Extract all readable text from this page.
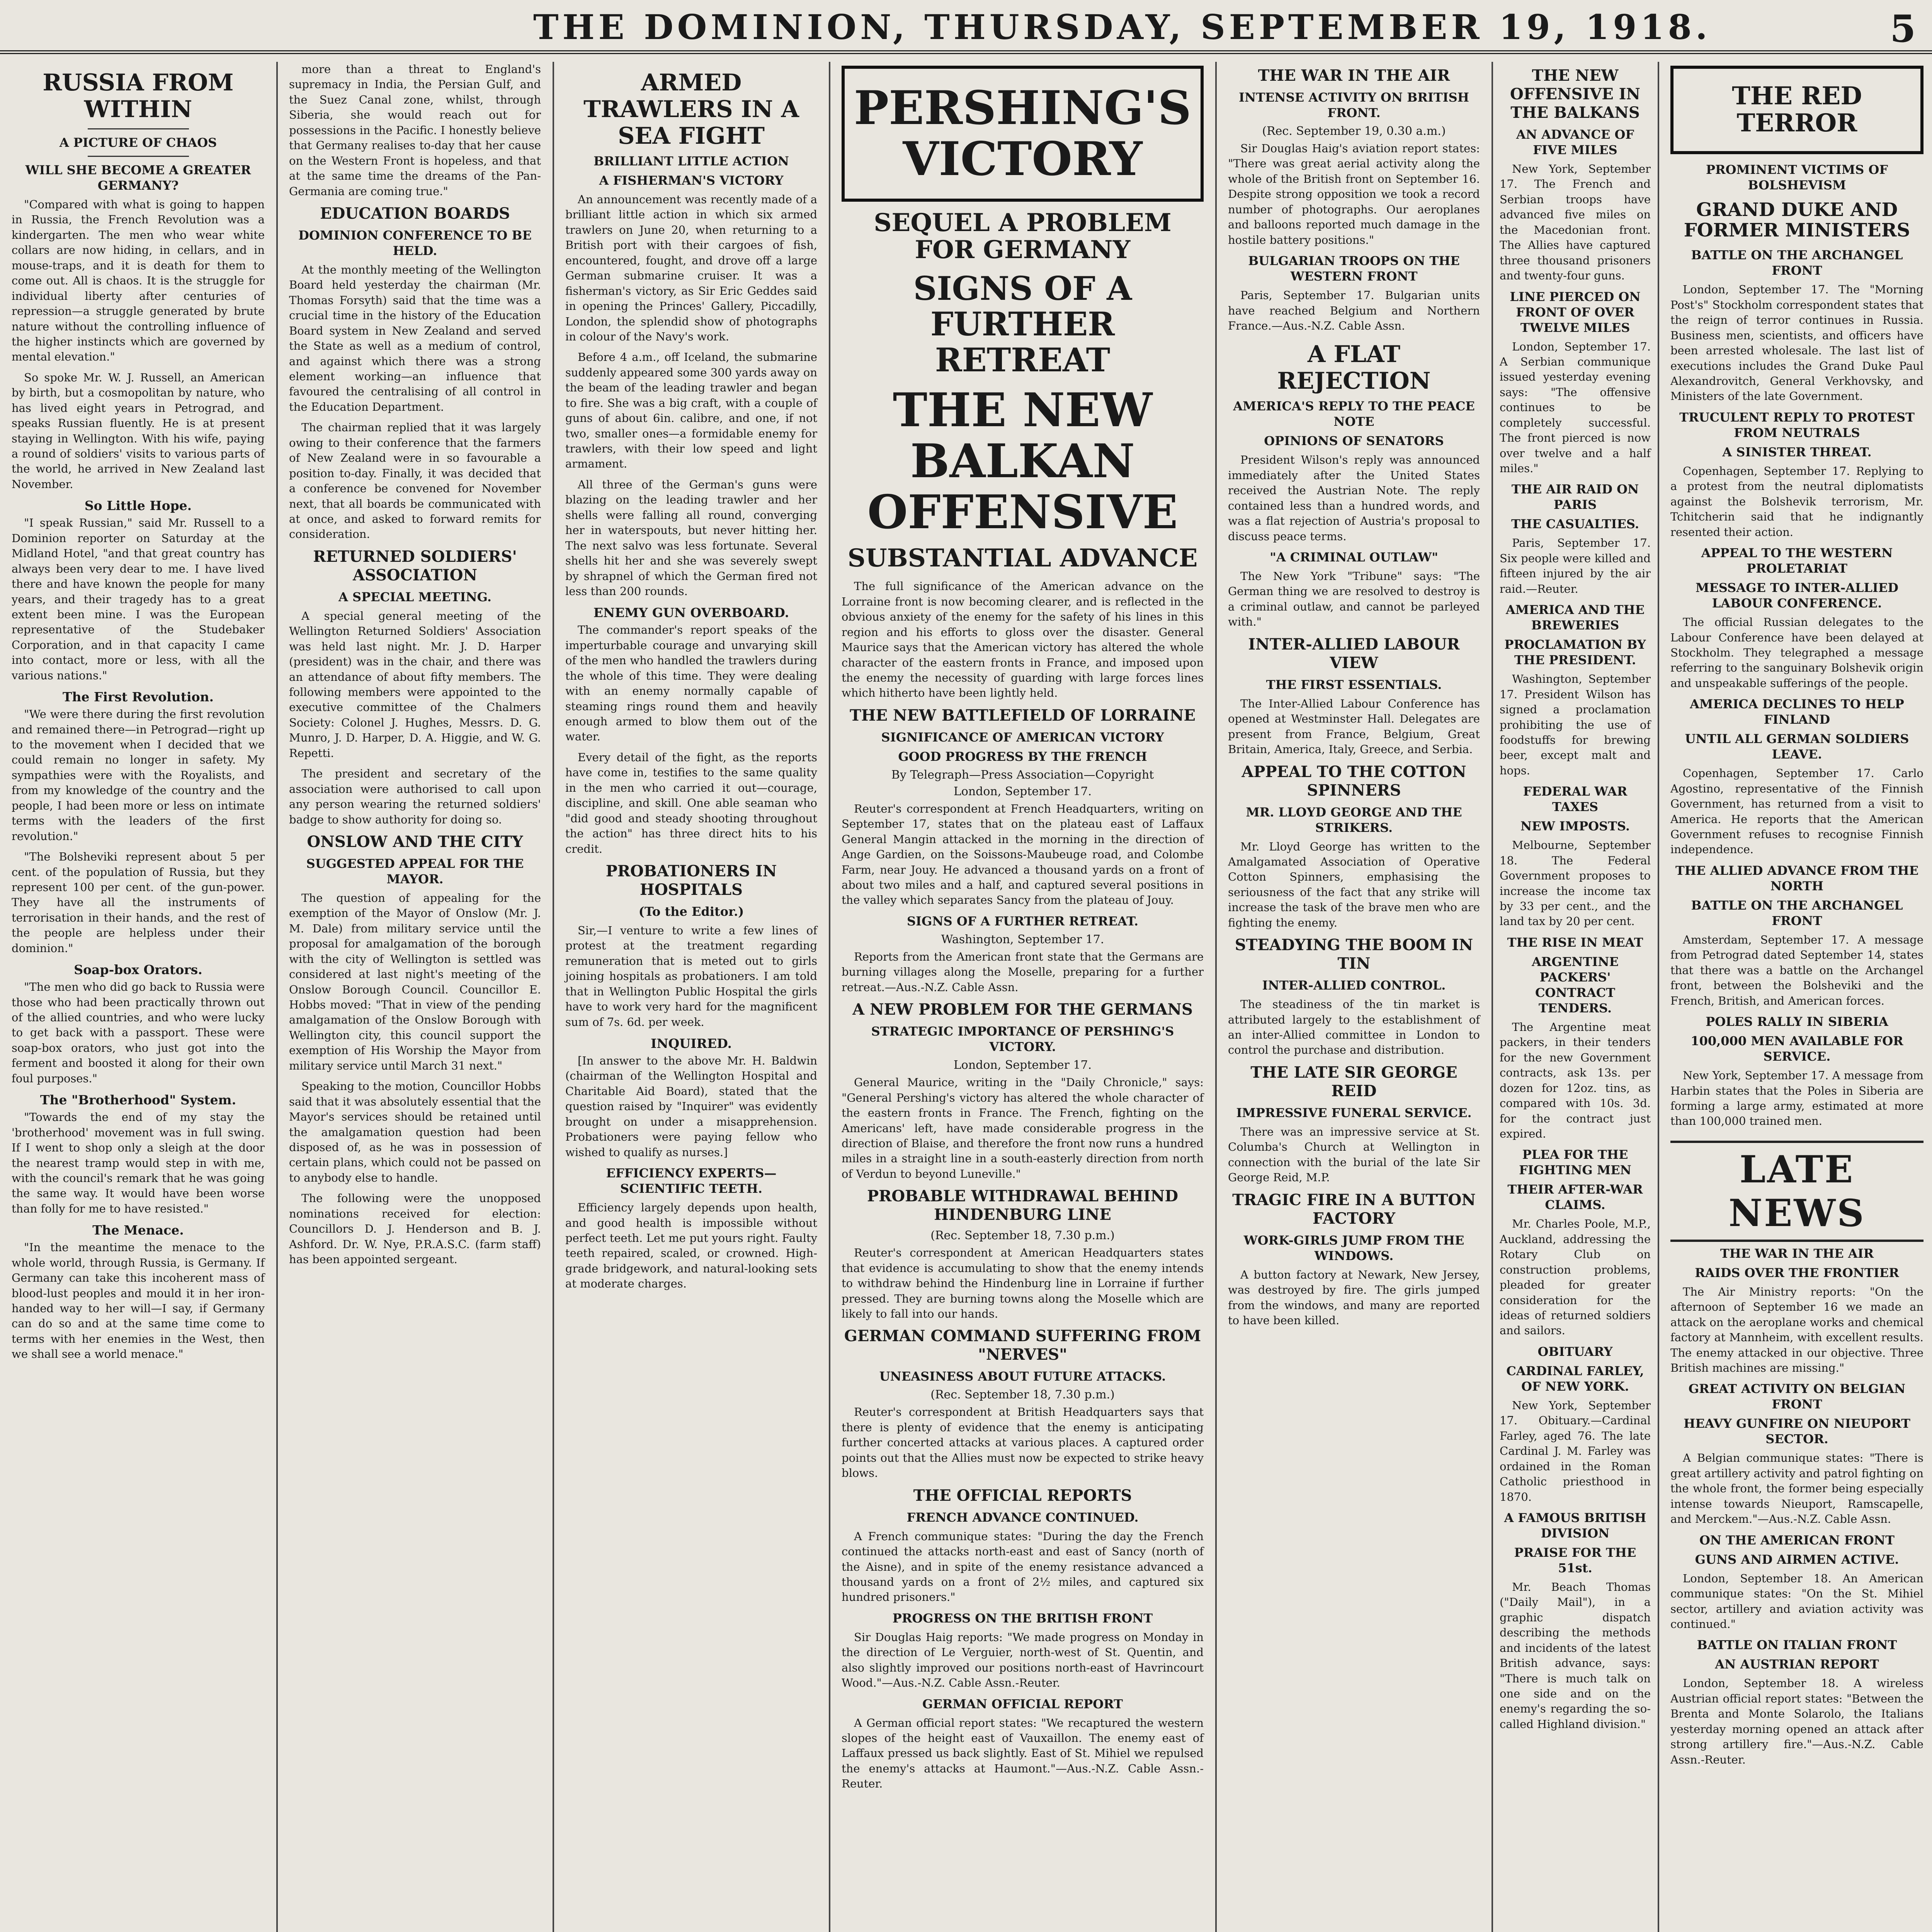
THE DOMINION, THURSDAY, SEPTEMBER 19, 1918.	5
RUSSIA FROM WITHIN
A PICTURE OF CHAOS
WILL SHE BECOME A GREATER GERMANY?

"Compared with what is going to happen in Russia, the French Revolution was a kindergarten. The men who wear white collars are now hiding, in cellars, and in mouse-traps, and it is death for them to come out. All is chaos. It is the struggle for individual liberty after centuries of repression—a struggle generated by brute nature without the controlling influence of the higher instincts which are governed by mental elevation."

So spoke Mr. W. J. Russell, an American by birth, but a cosmopolitan by nature, who has lived eight years in Petrograd, and speaks Russian fluently. He is at present staying in Wellington. With his wife, paying a round of soldiers' visits to various parts of the world, he arrived in New Zealand last November.

So Little Hope.

"I speak Russian," said Mr. Russell to a Dominion reporter on Saturday at the Midland Hotel, "and that great country has always been very dear to me. I have lived there and have known the people for many years, and their tragedy has to a great extent been mine. I was the European representative of the Studebaker Corporation, and in that capacity I came into contact, more or less, with all the various nations."

The First Revolution.

"We were there during the first revolution and remained there—in Petrograd—right up to the movement when I decided that we could remain no longer in safety. My sympathies were with the Royalists, and from my knowledge of the country and the people, I had been more or less on intimate terms with the leaders of the first revolution."

"The Bolsheviki represent about 5 per cent. of the population of Russia, but they represent 100 per cent. of the gun-power. They have all the instruments of terrorisation in their hands, and the rest of the people are helpless under their dominion."

Soap-box Orators.

"The men who did go back to Russia were those who had been practically thrown out of the allied countries, and who were lucky to get back with a passport. These were soap-box orators, who just got into the ferment and boosted it along for their own foul purposes."

The "Brotherhood" System.

"Towards the end of my stay the 'brotherhood' movement was in full swing. If I went to shop only a sleigh at the door the nearest tramp would step in with me, with the council's remark that he was going the same way. It would have been worse than folly for me to have resisted."

The Menace.

"In the meantime the menace to the whole world, through Russia, is Germany. If Germany can take this incoherent mass of blood-lust peoples and mould it in her iron-handed way to her will—I say, if Germany can do so and at the same time come to terms with her enemies in the West, then we shall see a world menace."

more than a threat to England's supremacy in India, the Persian Gulf, and the Suez Canal zone, whilst, through Siberia, she would reach out for possessions in the Pacific. I honestly believe that Germany realises to-day that her cause on the Western Front is hopeless, and that at the same time the dreams of the Pan-Germania are coming true."

EDUCATION BOARDS
DOMINION CONFERENCE TO BE HELD.

At the monthly meeting of the Wellington Board held yesterday the chairman (Mr. Thomas Forsyth) said that the time was a crucial time in the history of the Education Board system in New Zealand and served the State as well as a medium of control, and against which there was a strong element working—an influence that favoured the centralising of all control in the Education Department.

The chairman replied that it was largely owing to their conference that the farmers of New Zealand were in so favourable a position to-day. Finally, it was decided that a conference be convened for November next, that all boards be communicated with at once, and asked to forward remits for consideration.

RETURNED SOLDIERS' ASSOCIATION
A SPECIAL MEETING.

A special general meeting of the Wellington Returned Soldiers' Association was held last night. Mr. J. D. Harper (president) was in the chair, and there was an attendance of about fifty members. The following members were appointed to the executive committee of the Chalmers Society: Colonel J. Hughes, Messrs. D. G. Munro, J. D. Harper, D. A. Higgie, and W. G. Repetti.

The president and secretary of the association were authorised to call upon any person wearing the returned soldiers' badge to show authority for doing so.

ONSLOW AND THE CITY
SUGGESTED APPEAL FOR THE MAYOR.

The question of appealing for the exemption of the Mayor of Onslow (Mr. J. M. Dale) from military service until the proposal for amalgamation of the borough with the city of Wellington is settled was considered at last night's meeting of the Onslow Borough Council. Councillor E. Hobbs moved: "That in view of the pending amalgamation of the Onslow Borough with Wellington city, this council support the exemption of His Worship the Mayor from military service until March 31 next."

Speaking to the motion, Councillor Hobbs said that it was absolutely essential that the Mayor's services should be retained until the amalgamation question had been disposed of, as he was in possession of certain plans, which could not be passed on to anybody else to handle.

The following were the unopposed nominations received for election: Councillors D. J. Henderson and B. J. Ashford. Dr. W. Nye, P.R.A.S.C. (farm staff) has been appointed sergeant.

ARMED TRAWLERS IN A SEA FIGHT
BRILLIANT LITTLE ACTION
A FISHERMAN'S VICTORY

An announcement was recently made of a brilliant little action in which six armed trawlers on June 20, when returning to a British port with their cargoes of fish, encountered, fought, and drove off a large German submarine cruiser. It was a fisherman's victory, as Sir Eric Geddes said in opening the Princes' Gallery, Piccadilly, London, the splendid show of photographs in colour of the Navy's work.

Before 4 a.m., off Iceland, the submarine suddenly appeared some 300 yards away on the beam of the leading trawler and began to fire. She was a big craft, with a couple of guns of about 6in. calibre, and one, if not two, smaller ones—a formidable enemy for trawlers, with their low speed and light armament.

All three of the German's guns were blazing on the leading trawler and her shells were falling all round, converging her in waterspouts, but never hitting her. The next salvo was less fortunate. Several shells hit her and she was severely swept by shrapnel of which the German fired not less than 200 rounds.

ENEMY GUN OVERBOARD.

The commander's report speaks of the imperturbable courage and unvarying skill of the men who handled the trawlers during the whole of this time. They were dealing with an enemy normally capable of steaming rings round them and heavily enough armed to blow them out of the water.

Every detail of the fight, as the reports have come in, testifies to the same quality in the men who carried it out—courage, discipline, and skill. One able seaman who "did good and steady shooting throughout the action" has three direct hits to his credit.

PROBATIONERS IN HOSPITALS
(To the Editor.)

Sir,—I venture to write a few lines of protest at the treatment regarding remuneration that is meted out to girls joining hospitals as probationers. I am told that in Wellington Public Hospital the girls have to work very hard for the magnificent sum of 7s. 6d. per week.

INQUIRED.

[In answer to the above Mr. H. Baldwin (chairman of the Wellington Hospital and Charitable Aid Board), stated that the question raised by "Inquirer" was evidently brought on under a misapprehension. Probationers were paying fellow who wished to qualify as nurses.]

EFFICIENCY EXPERTS—SCIENTIFIC TEETH.

Efficiency largely depends upon health, and good health is impossible without perfect teeth. Let me put yours right. Faulty teeth repaired, scaled, or crowned. High-grade bridgework, and natural-looking sets at moderate charges.

PERSHING'S VICTORY
SEQUEL A PROBLEM FOR GERMANY
SIGNS OF A FURTHER RETREAT
THE NEW BALKAN OFFENSIVE
SUBSTANTIAL ADVANCE

The full significance of the American advance on the Lorraine front is now becoming clearer, and is reflected in the obvious anxiety of the enemy for the safety of his lines in this region and his efforts to gloss over the disaster. General Maurice says that the American victory has altered the whole character of the eastern fronts in France, and imposed upon the enemy the necessity of guarding with large forces lines which hitherto have been lightly held.

THE NEW BATTLEFIELD OF LORRAINE
SIGNIFICANCE OF AMERICAN VICTORY
GOOD PROGRESS BY THE FRENCH
By Telegraph—Press Association—Copyright
London, September 17.

Reuter's correspondent at French Headquarters, writing on September 17, states that on the plateau east of Laffaux General Mangin attacked in the morning in the direction of Ange Gardien, on the Soissons-Maubeuge road, and Colombe Farm, near Jouy. He advanced a thousand yards on a front of about two miles and a half, and captured several positions in the valley which separates Sancy from the plateau of Jouy.

SIGNS OF A FURTHER RETREAT.
Washington, September 17.

Reports from the American front state that the Germans are burning villages along the Moselle, preparing for a further retreat.—Aus.-N.Z. Cable Assn.

A NEW PROBLEM FOR THE GERMANS
STRATEGIC IMPORTANCE OF PERSHING'S VICTORY.
London, September 17.

General Maurice, writing in the "Daily Chronicle," says: "General Pershing's victory has altered the whole character of the eastern fronts in France. The French, fighting on the Americans' left, have made considerable progress in the direction of Blaise, and therefore the front now runs a hundred miles in a straight line in a south-easterly direction from north of Verdun to beyond Luneville."

PROBABLE WITHDRAWAL BEHIND HINDENBURG LINE
(Rec. September 18, 7.30 p.m.)

Reuter's correspondent at American Headquarters states that evidence is accumulating to show that the enemy intends to withdraw behind the Hindenburg line in Lorraine if further pressed. They are burning towns along the Moselle which are likely to fall into our hands.

GERMAN COMMAND SUFFERING FROM "NERVES"
UNEASINESS ABOUT FUTURE ATTACKS.
(Rec. September 18, 7.30 p.m.)

Reuter's correspondent at British Headquarters says that there is plenty of evidence that the enemy is anticipating further concerted attacks at various places. A captured order points out that the Allies must now be expected to strike heavy blows.

THE OFFICIAL REPORTS
FRENCH ADVANCE CONTINUED.

A French communique states: "During the day the French continued the attacks north-east and east of Sancy (north of the Aisne), and in spite of the enemy resistance advanced a thousand yards on a front of 2½ miles, and captured six hundred prisoners."

PROGRESS ON THE BRITISH FRONT

Sir Douglas Haig reports: "We made progress on Monday in the direction of Le Verguier, north-west of St. Quentin, and also slightly improved our positions north-east of Havrincourt Wood."—Aus.-N.Z. Cable Assn.-Reuter.

GERMAN OFFICIAL REPORT

A German official report states: "We recaptured the western slopes of the height east of Vauxaillon. The enemy east of Laffaux pressed us back slightly. East of St. Mihiel we repulsed the enemy's attacks at Haumont."—Aus.-N.Z. Cable Assn.-Reuter.

THE WAR IN THE AIR
INTENSE ACTIVITY ON BRITISH FRONT.
(Rec. September 19, 0.30 a.m.)

Sir Douglas Haig's aviation report states: "There was great aerial activity along the whole of the British front on September 16. Despite strong opposition we took a record number of photographs. Our aeroplanes and balloons reported much damage in the hostile battery positions."

BULGARIAN TROOPS ON THE WESTERN FRONT

Paris, September 17. Bulgarian units have reached Belgium and Northern France.—Aus.-N.Z. Cable Assn.

A FLAT REJECTION
AMERICA'S REPLY TO THE PEACE NOTE
OPINIONS OF SENATORS

President Wilson's reply was announced immediately after the United States received the Austrian Note. The reply contained less than a hundred words, and was a flat rejection of Austria's proposal to discuss peace terms.

"A CRIMINAL OUTLAW"

The New York "Tribune" says: "The German thing we are resolved to destroy is a criminal outlaw, and cannot be parleyed with."

INTER-ALLIED LABOUR VIEW
THE FIRST ESSENTIALS.

The Inter-Allied Labour Conference has opened at Westminster Hall. Delegates are present from France, Belgium, Great Britain, America, Italy, Greece, and Serbia.

APPEAL TO THE COTTON SPINNERS
MR. LLOYD GEORGE AND THE STRIKERS.

Mr. Lloyd George has written to the Amalgamated Association of Operative Cotton Spinners, emphasising the seriousness of the fact that any strike will increase the task of the brave men who are fighting the enemy.

STEADYING THE BOOM IN TIN
INTER-ALLIED CONTROL.

The steadiness of the tin market is attributed largely to the establishment of an inter-Allied committee in London to control the purchase and distribution.

THE LATE SIR GEORGE REID
IMPRESSIVE FUNERAL SERVICE.

There was an impressive service at St. Columba's Church at Wellington in connection with the burial of the late Sir George Reid, M.P.

TRAGIC FIRE IN A BUTTON FACTORY
WORK-GIRLS JUMP FROM THE WINDOWS.

A button factory at Newark, New Jersey, was destroyed by fire. The girls jumped from the windows, and many are reported to have been killed.

THE NEW OFFENSIVE IN THE BALKANS
AN ADVANCE OF FIVE MILES

New York, September 17. The French and Serbian troops have advanced five miles on the Macedonian front. The Allies have captured three thousand prisoners and twenty-four guns.

LINE PIERCED ON FRONT OF OVER TWELVE MILES

London, September 17. A Serbian communique issued yesterday evening says: "The offensive continues to be completely successful. The front pierced is now over twelve and a half miles."

THE AIR RAID ON PARIS
THE CASUALTIES.

Paris, September 17. Six people were killed and fifteen injured by the air raid.—Reuter.

AMERICA AND THE BREWERIES
PROCLAMATION BY THE PRESIDENT.

Washington, September 17. President Wilson has signed a proclamation prohibiting the use of foodstuffs for brewing beer, except malt and hops.

FEDERAL WAR TAXES
NEW IMPOSTS.

Melbourne, September 18. The Federal Government proposes to increase the income tax by 33 per cent., and the land tax by 20 per cent.

THE RISE IN MEAT
ARGENTINE PACKERS' CONTRACT TENDERS.

The Argentine meat packers, in their tenders for the new Government contracts, ask 13s. per dozen for 12oz. tins, as compared with 10s. 3d. for the contract just expired.

PLEA FOR THE FIGHTING MEN
THEIR AFTER-WAR CLAIMS.

Mr. Charles Poole, M.P., Auckland, addressing the Rotary Club on construction problems, pleaded for greater consideration for the ideas of returned soldiers and sailors.

OBITUARY
CARDINAL FARLEY, OF NEW YORK.

New York, September 17. Obituary.—Cardinal Farley, aged 76. The late Cardinal J. M. Farley was ordained in the Roman Catholic priesthood in 1870.

A FAMOUS BRITISH DIVISION
PRAISE FOR THE 51st.

Mr. Beach Thomas ("Daily Mail"), in a graphic dispatch describing the methods and incidents of the latest British advance, says: "There is much talk on one side and on the enemy's regarding the so-called Highland division."

THE RED TERROR
PROMINENT VICTIMS OF BOLSHEVISM
GRAND DUKE AND FORMER MINISTERS
BATTLE ON THE ARCHANGEL FRONT

London, September 17. The "Morning Post's" Stockholm correspondent states that the reign of terror continues in Russia. Business men, scientists, and officers have been arrested wholesale. The last list of executions includes the Grand Duke Paul Alexandrovitch, General Verkhovsky, and Ministers of the late Government.

TRUCULENT REPLY TO PROTEST FROM NEUTRALS
A SINISTER THREAT.

Copenhagen, September 17. Replying to a protest from the neutral diplomatists against the Bolshevik terrorism, Mr. Tchitcherin said that he indignantly resented their action.

APPEAL TO THE WESTERN PROLETARIAT
MESSAGE TO INTER-ALLIED LABOUR CONFERENCE.

The official Russian delegates to the Labour Conference have been delayed at Stockholm. They telegraphed a message referring to the sanguinary Bolshevik origin and unspeakable sufferings of the people.

AMERICA DECLINES TO HELP FINLAND
UNTIL ALL GERMAN SOLDIERS LEAVE.

Copenhagen, September 17. Carlo Agostino, representative of the Finnish Government, has returned from a visit to America. He reports that the American Government refuses to recognise Finnish independence.

THE ALLIED ADVANCE FROM THE NORTH
BATTLE ON THE ARCHANGEL FRONT

Amsterdam, September 17. A message from Petrograd dated September 14, states that there was a battle on the Archangel front, between the Bolsheviki and the French, British, and American forces.

POLES RALLY IN SIBERIA
100,000 MEN AVAILABLE FOR SERVICE.

New York, September 17. A message from Harbin states that the Poles in Siberia are forming a large army, estimated at more than 100,000 trained men.

LATE NEWS
THE WAR IN THE AIR
RAIDS OVER THE FRONTIER

The Air Ministry reports: "On the afternoon of September 16 we made an attack on the aeroplane works and chemical factory at Mannheim, with excellent results. The enemy attacked in our objective. Three British machines are missing."

GREAT ACTIVITY ON BELGIAN FRONT
HEAVY GUNFIRE ON NIEUPORT SECTOR.

A Belgian communique states: "There is great artillery activity and patrol fighting on the whole front, the former being especially intense towards Nieuport, Ramscapelle, and Merckem."—Aus.-N.Z. Cable Assn.

ON THE AMERICAN FRONT
GUNS AND AIRMEN ACTIVE.

London, September 18. An American communique states: "On the St. Mihiel sector, artillery and aviation activity was continued."

BATTLE ON ITALIAN FRONT
AN AUSTRIAN REPORT

London, September 18. A wireless Austrian official report states: "Between the Brenta and Monte Solarolo, the Italians yesterday morning opened an attack after strong artillery fire."—Aus.-N.Z. Cable Assn.-Reuter.
